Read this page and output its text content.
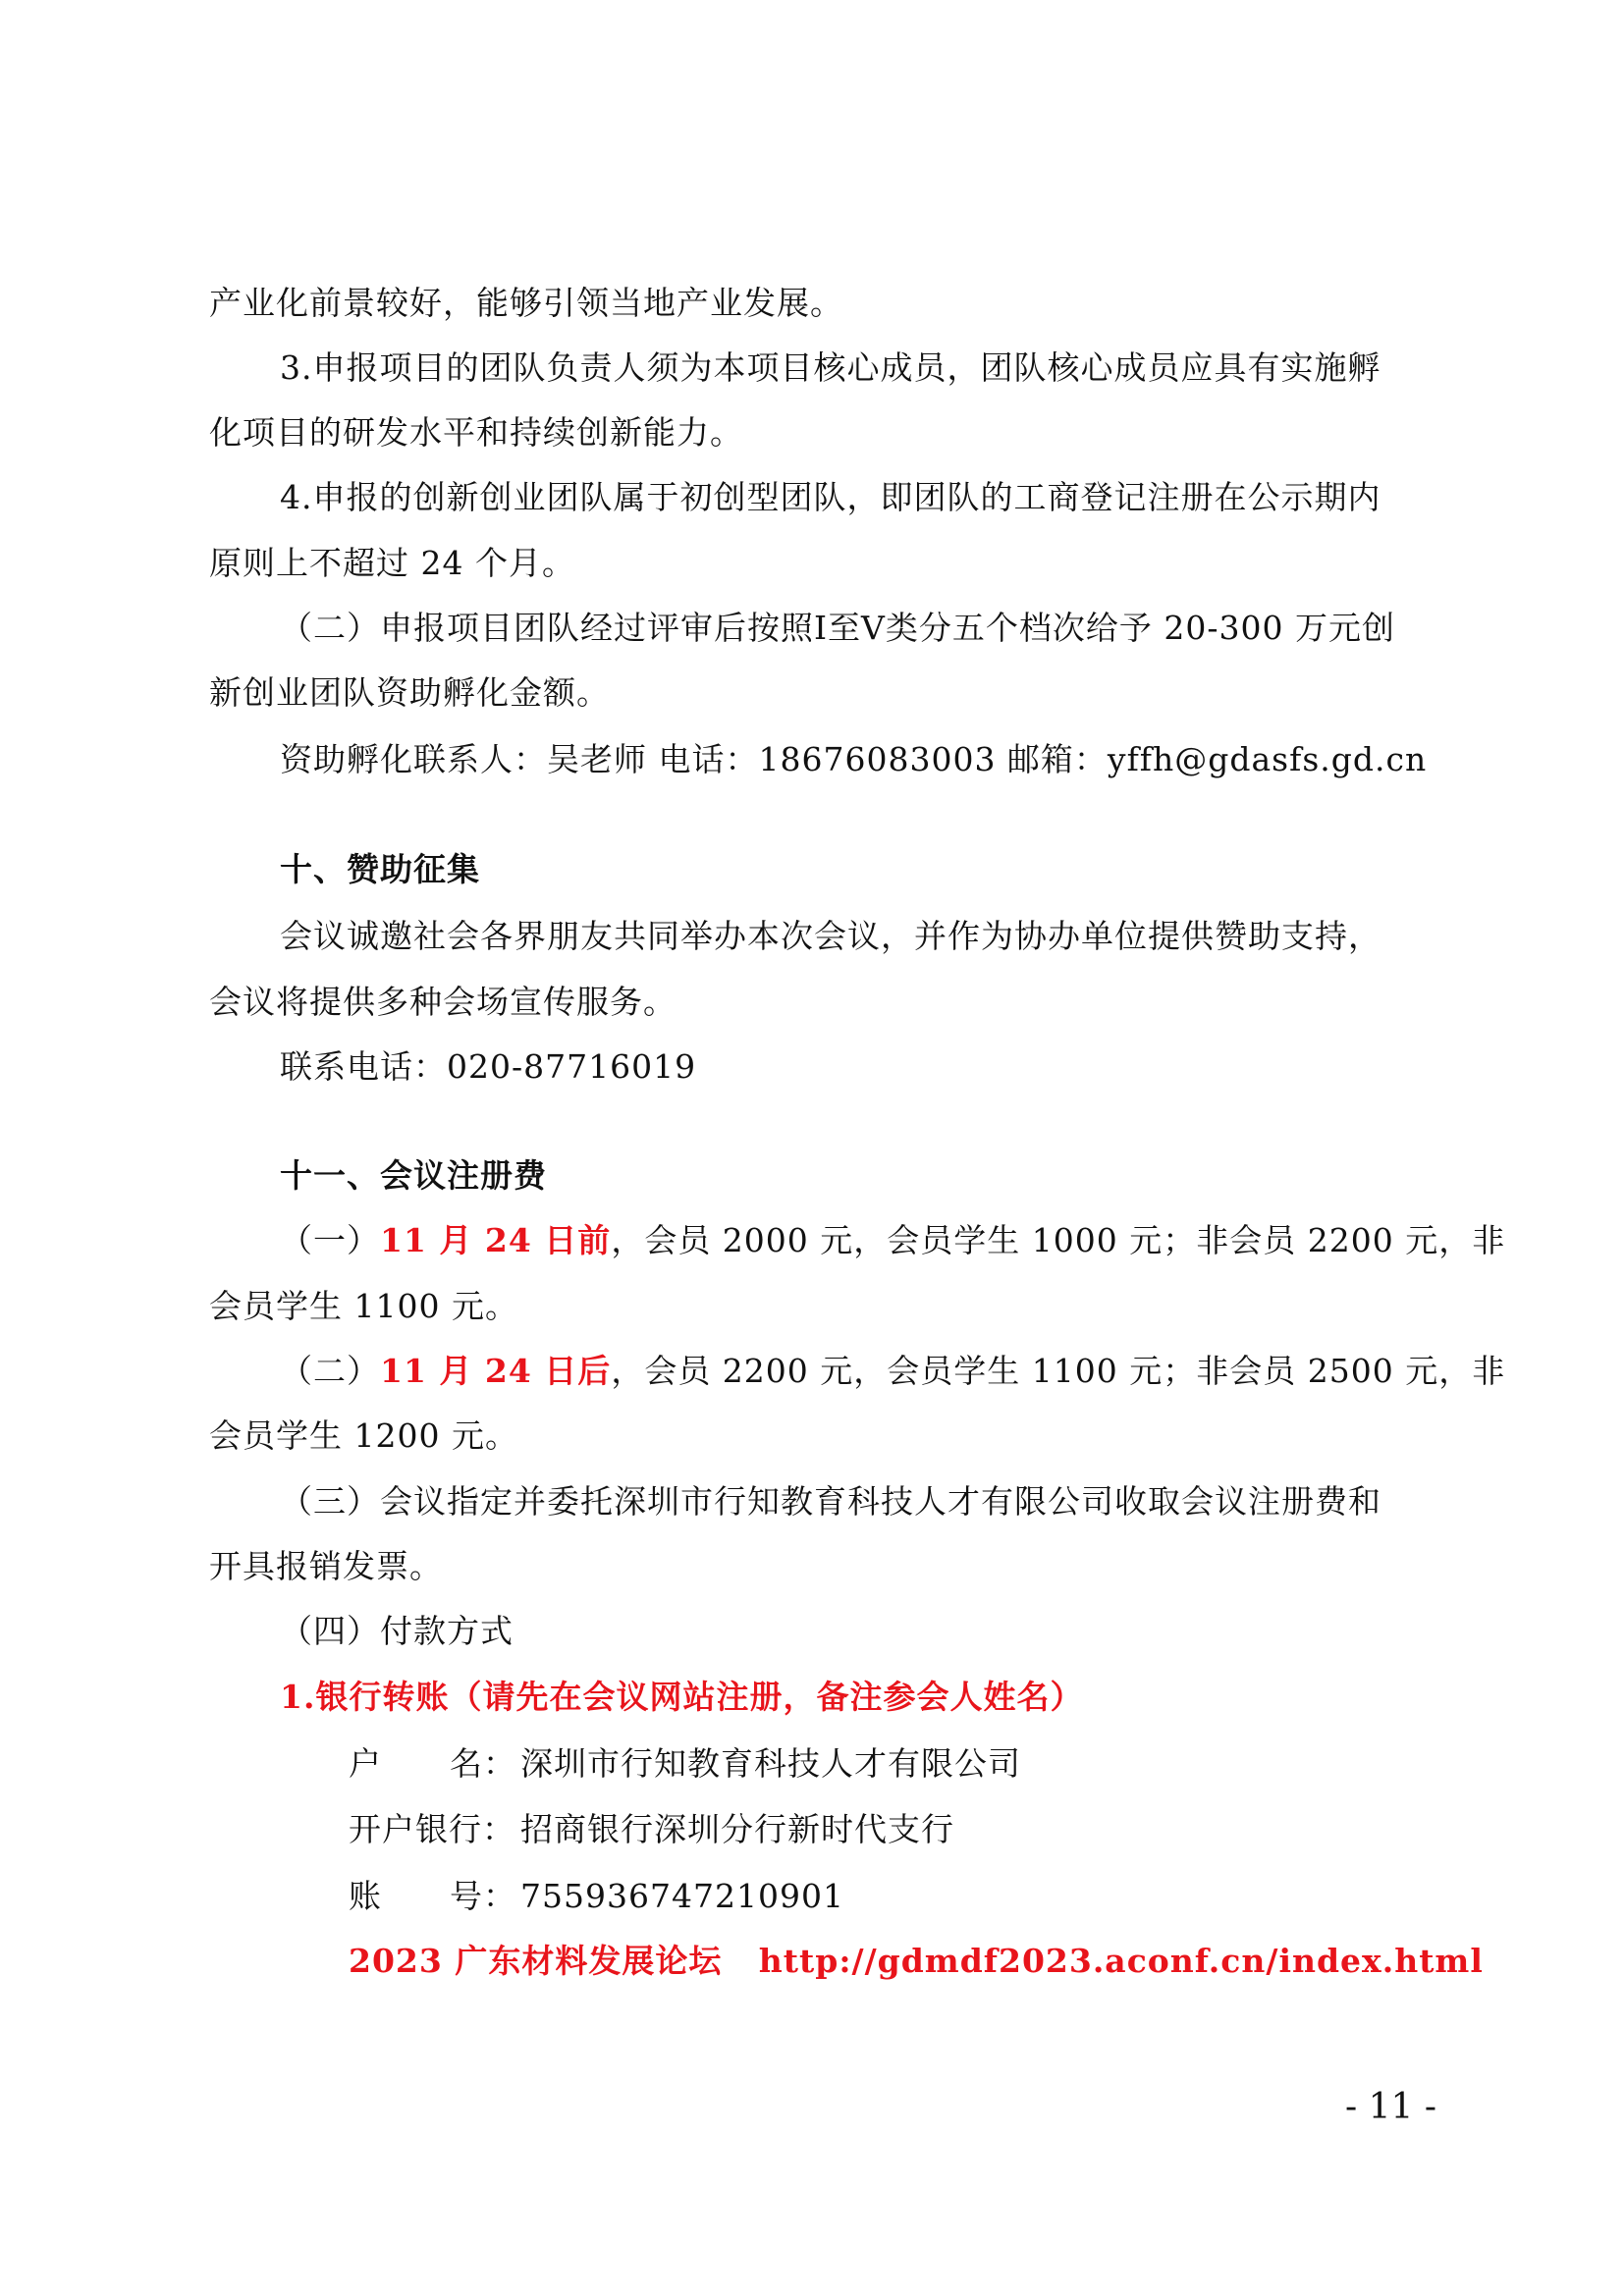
产业化前景较好，能够引领当地产业发展。
3.申报项目的团队负责人须为本项目核心成员，团队核心成员应具有实施孵
化项目的研发水平和持续创新能力。
4.申报的创新创业团队属于初创型团队，即团队的工商登记注册在公示期内
原则上不超过 24 个月。
（二）申报项目团队经过评审后按照Ⅰ至Ⅴ类分五个档次给予 20-300 万元创
新创业团队资助孵化金额。
资助孵化联系人：吴老师 电话：18676083003 邮箱：yffh@gdasfs.gd.cn
十、赞助征集
会议诚邀社会各界朋友共同举办本次会议，并作为协办单位提供赞助支持，
会议将提供多种会场宣传服务。
联系电话：020-87716019
十一、会议注册费
（一）11 月 24 日前，会员 2000 元，会员学生 1000 元；非会员 2200 元，非
会员学生 1100 元。
（二）11 月 24 日后，会员 2200 元，会员学生 1100 元；非会员 2500 元，非
会员学生 1200 元。
（三）会议指定并委托深圳市行知教育科技人才有限公司收取会议注册费和
开具报销发票。
（四）付款方式
1.银行转账（请先在会议网站注册，备注参会人姓名）
户      名： 深圳市行知教育科技人才有限公司
开户银行： 招商银行深圳分行新时代支行
账      号： 755936747210901
2023 广东材料发展论坛   http://gdmdf2023.aconf.cn/index.html
- 11 -
